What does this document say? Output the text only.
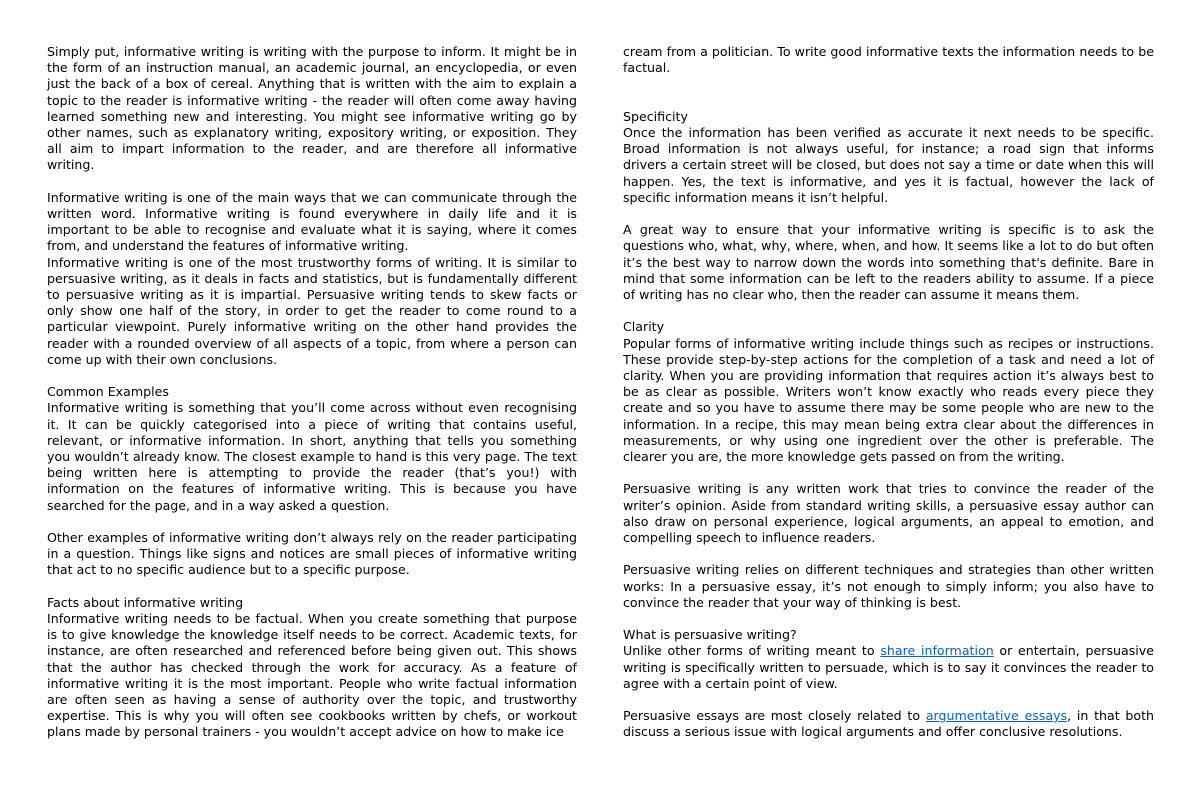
Simply put, informative writing is writing with the purpose to inform. It might be in the form of an instruction manual, an academic journal, an encyclopedia, or even just the back of a box of cereal. Anything that is written with the aim to explain a topic to the reader is informative writing - the reader will often come away having learned something new and interesting. You might see informative writing go by other names, such as explanatory writing, expository writing, or exposition. They all aim to impart information to the reader, and are therefore all informative writing.

Informative writing is one of the main ways that we can communicate through the written word. Informative writing is found everywhere in daily life and it is important to be able to recognise and evaluate what it is saying, where it comes from, and understand the features of informative writing.

Informative writing is one of the most trustworthy forms of writing. It is similar to persuasive writing, as it deals in facts and statistics, but is fundamentally different to persuasive writing as it is impartial. Persuasive writing tends to skew facts or only show one half of the story, in order to get the reader to come round to a particular viewpoint. Purely informative writing on the other hand provides the reader with a rounded overview of all aspects of a topic, from where a person can come up with their own conclusions.

Common Examples

Informative writing is something that you’ll come across without even recognising it. It can be quickly categorised into a piece of writing that contains useful, relevant, or informative information. In short, anything that tells you something you wouldn’t already know. The closest example to hand is this very page. The text being written here is attempting to provide the reader (that’s you!) with information on the features of informative writing. This is because you have searched for the page, and in a way asked a question.

Other examples of informative writing don’t always rely on the reader participating in a question. Things like signs and notices are small pieces of informative writing that act to no specific audience but to a specific purpose.

Facts about informative writing

Informative writing needs to be factual. When you create something that purpose is to give knowledge the knowledge itself needs to be correct. Academic texts, for instance, are often researched and referenced before being given out. This shows that the author has checked through the work for accuracy. As a feature of informative writing it is the most important. People who write factual information are often seen as having a sense of authority over the topic, and trustworthy expertise. This is why you will often see cookbooks written by chefs, or workout plans made by personal trainers - you wouldn’t accept advice on how to make ice

cream from a politician. To write good informative texts the information needs to be factual.

Specificity

Once the information has been verified as accurate it next needs to be specific. Broad information is not always useful, for instance; a road sign that informs drivers a certain street will be closed, but does not say a time or date when this will happen. Yes, the text is informative, and yes it is factual, however the lack of specific information means it isn’t helpful.

A great way to ensure that your informative writing is specific is to ask the questions who, what, why, where, when, and how. It seems like a lot to do but often it’s the best way to narrow down the words into something that's definite. Bare in mind that some information can be left to the readers ability to assume. If a piece of writing has no clear who, then the reader can assume it means them.

Clarity

Popular forms of informative writing include things such as recipes or instructions. These provide step-by-step actions for the completion of a task and need a lot of clarity. When you are providing information that requires action it’s always best to be as clear as possible. Writers won’t know exactly who reads every piece they create and so you have to assume there may be some people who are new to the information. In a recipe, this may mean being extra clear about the differences in measurements, or why using one ingredient over the other is preferable. The clearer you are, the more knowledge gets passed on from the writing.

Persuasive writing is any written work that tries to convince the reader of the writer’s opinion. Aside from standard writing skills, a persuasive essay author can also draw on personal experience, logical arguments, an appeal to emotion, and compelling speech to influence readers.

Persuasive writing relies on different techniques and strategies than other written works: In a persuasive essay, it’s not enough to simply inform; you also have to convince the reader that your way of thinking is best.

What is persuasive writing?

Unlike other forms of writing meant to share information or entertain, persuasive writing is specifically written to persuade, which is to say it convinces the reader to agree with a certain point of view.

Persuasive essays are most closely related to argumentative essays, in that both discuss a serious issue with logical arguments and offer conclusive resolutions.
